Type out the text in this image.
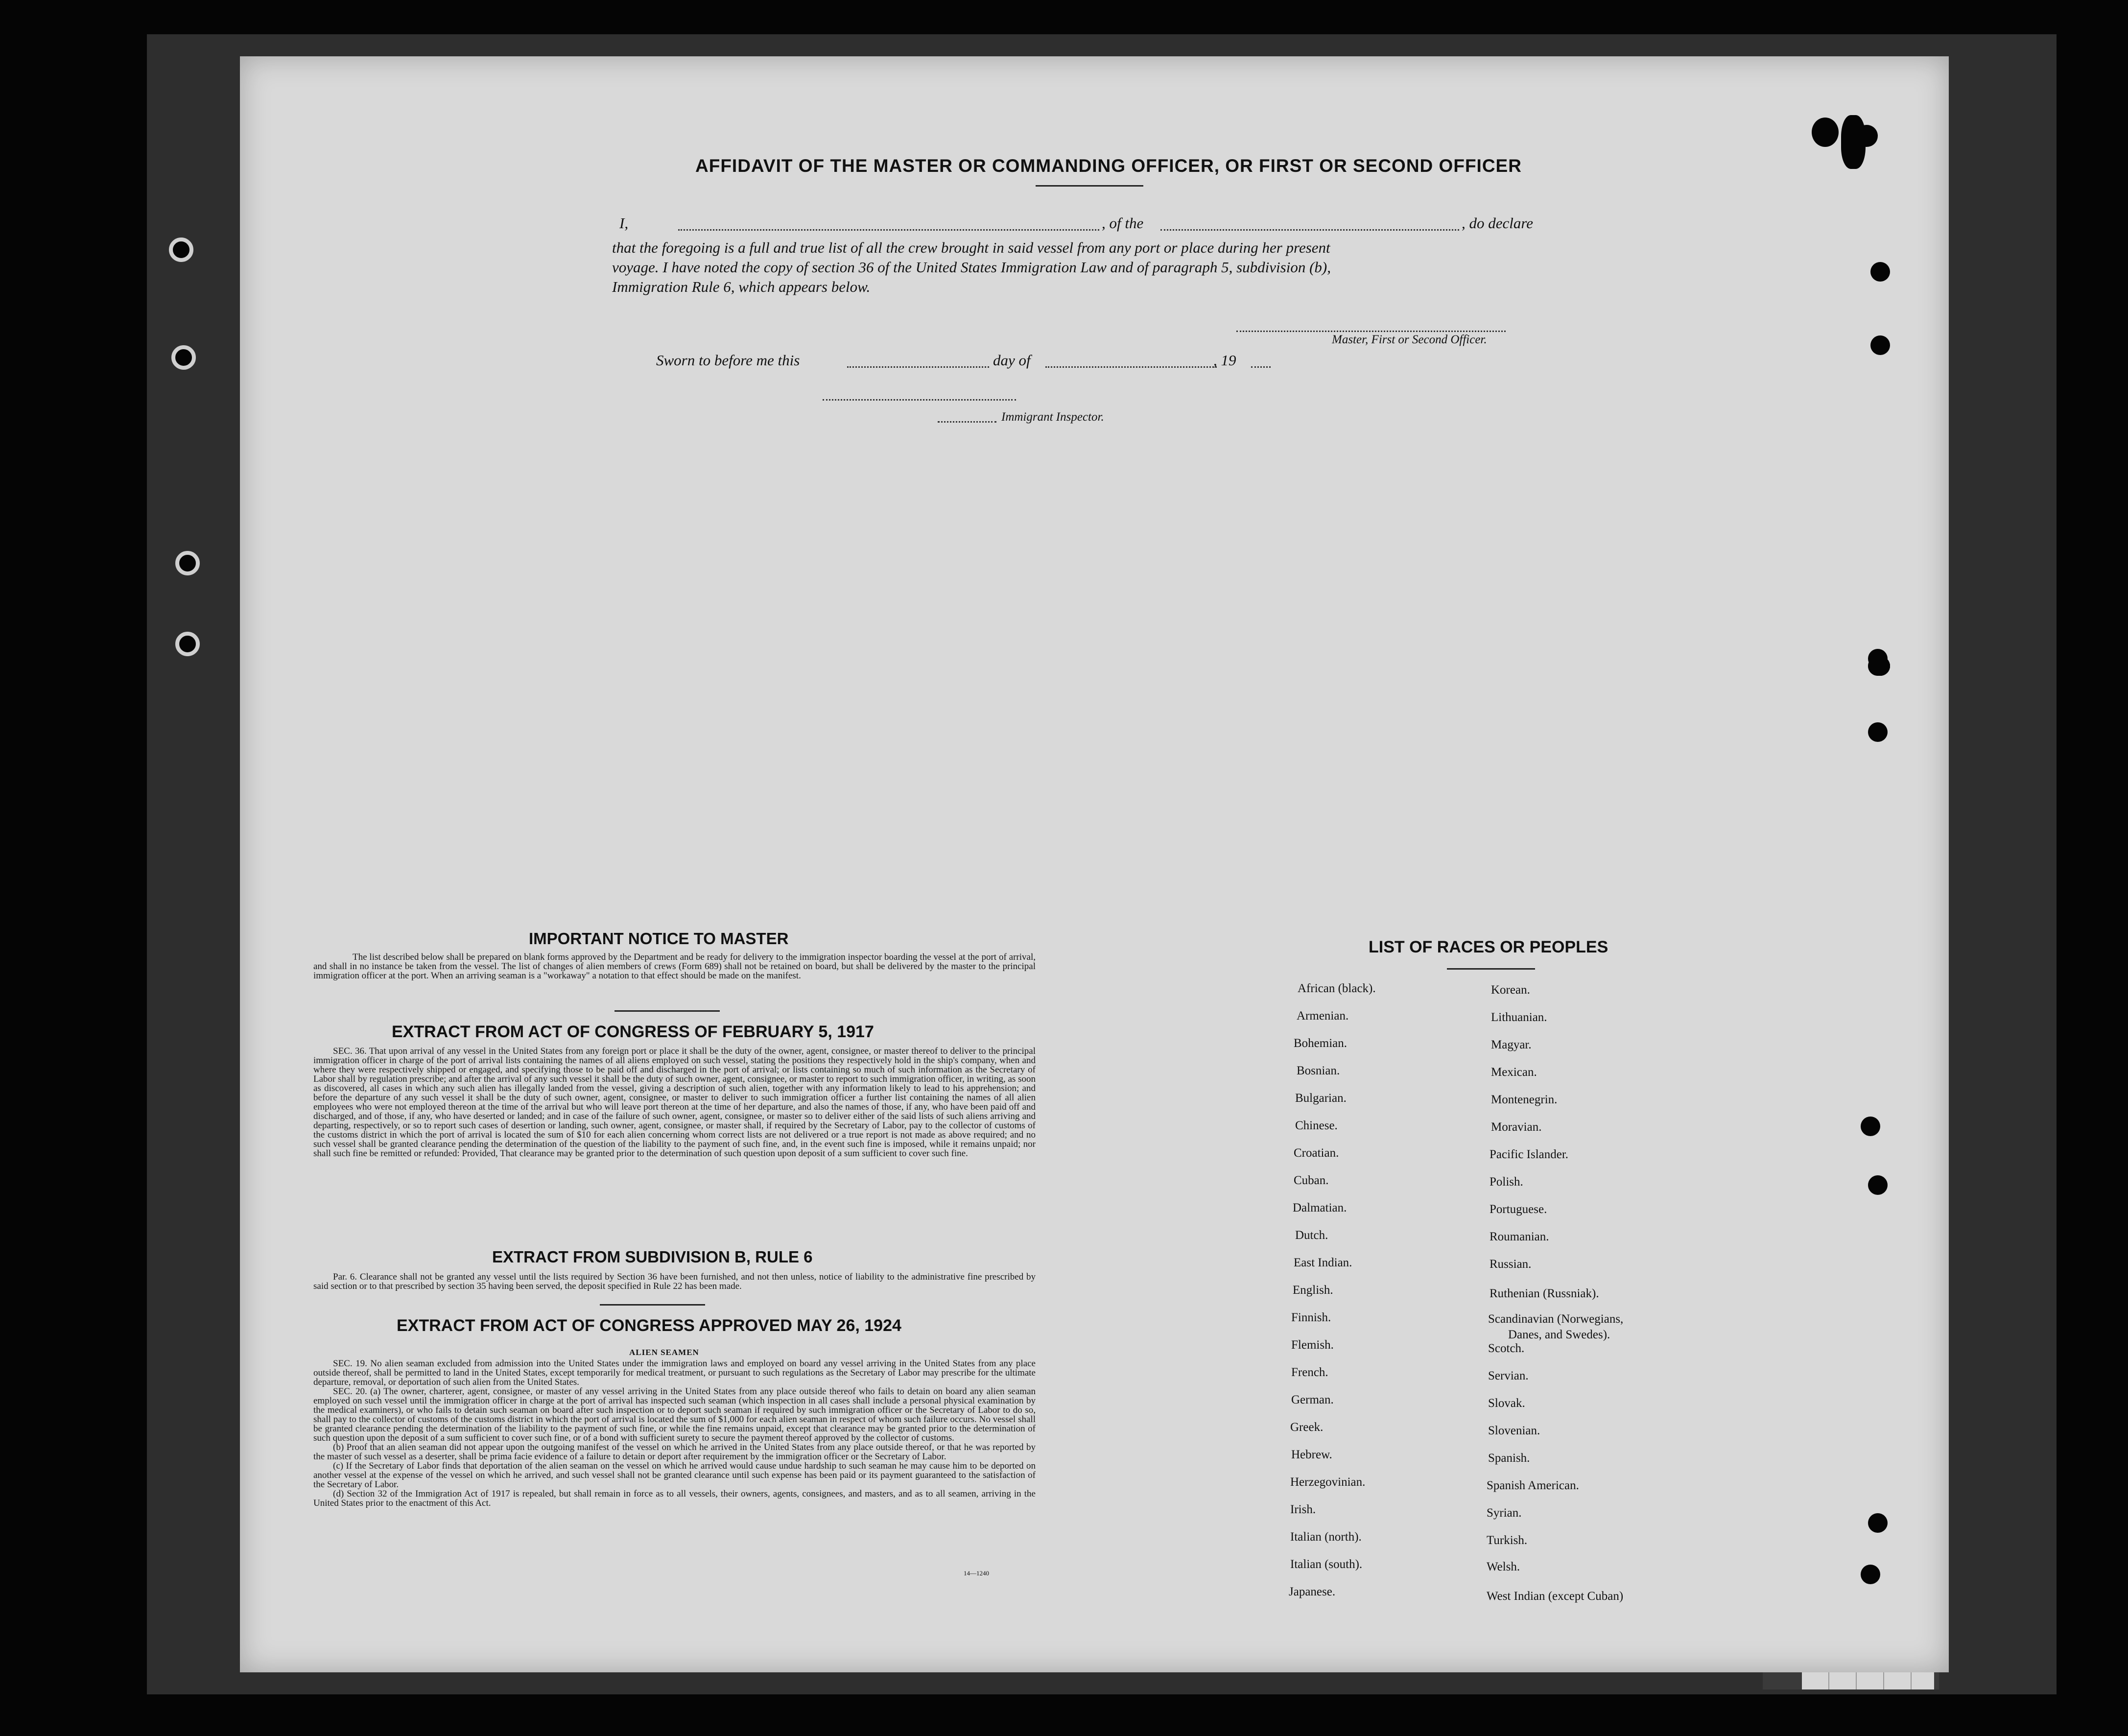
AFFIDAVIT OF THE MASTER OR COMMANDING OFFICER, OR FIRST OR SECOND OFFICER
I,	, of the	, do declare
that the foregoing is a full and true list of all the crew brought in said vessel from any port or place during her present
voyage. I have noted the copy of section 36 of the United States Immigration Law and of paragraph 5, subdivision (b),
Immigration Rule 6, which appears below.
Master, First or Second Officer.
Sworn to before me this	day of	, 19
Immigrant Inspector.
IMPORTANT NOTICE TO MASTER
The list described below shall be prepared on blank forms approved by the Department and be ready for delivery to the immigration inspector boarding the vessel at the port of arrival, and shall in no instance be taken from the vessel. The list of changes of alien members of crews (Form 689) shall not be retained on board, but shall be delivered by the master to the principal immigration officer at the port. When an arriving seaman is a "workaway" a notation to that effect should be made on the manifest.
EXTRACT FROM ACT OF CONGRESS OF FEBRUARY 5, 1917
SEC. 36. That upon arrival of any vessel in the United States from any foreign port or place it shall be the duty of the owner, agent, consignee, or master thereof to deliver to the principal immigration officer in charge of the port of arrival lists containing the names of all aliens employed on such vessel, stating the positions they respectively hold in the ship's company, when and where they were respectively shipped or engaged, and specifying those to be paid off and discharged in the port of arrival; or lists containing so much of such information as the Secretary of Labor shall by regulation prescribe; and after the arrival of any such vessel it shall be the duty of such owner, agent, consignee, or master to report to such immigration officer, in writing, as soon as discovered, all cases in which any such alien has illegally landed from the vessel, giving a description of such alien, together with any information likely to lead to his apprehension; and before the departure of any such vessel it shall be the duty of such owner, agent, consignee, or master to deliver to such immigration officer a further list containing the names of all alien employees who were not employed thereon at the time of the arrival but who will leave port thereon at the time of her departure, and also the names of those, if any, who have been paid off and discharged, and of those, if any, who have deserted or landed; and in case of the failure of such owner, agent, consignee, or master so to deliver either of the said lists of such aliens arriving and departing, respectively, or so to report such cases of desertion or landing, such owner, agent, consignee, or master shall, if required by the Secretary of Labor, pay to the collector of customs of the customs district in which the port of arrival is located the sum of $10 for each alien concerning whom correct lists are not delivered or a true report is not made as above required; and no such vessel shall be granted clearance pending the determination of the question of the liability to the payment of such fine, and, in the event such fine is imposed, while it remains unpaid; nor shall such fine be remitted or refunded: Provided, That clearance may be granted prior to the determination of such question upon deposit of a sum sufficient to cover such fine.
EXTRACT FROM SUBDIVISION B, RULE 6
Par. 6. Clearance shall not be granted any vessel until the lists required by Section 36 have been furnished, and not then unless, notice of liability to the administrative fine prescribed by said section or to that prescribed by section 35 having been served, the deposit specified in Rule 22 has been made.
EXTRACT FROM ACT OF CONGRESS APPROVED MAY 26, 1924
ALIEN SEAMEN

SEC. 19. No alien seaman excluded from admission into the United States under the immigration laws and employed on board any vessel arriving in the United States from any place outside thereof, shall be permitted to land in the United States, except temporarily for medical treatment, or pursuant to such regulations as the Secretary of Labor may prescribe for the ultimate departure, removal, or deportation of such alien from the United States.

SEC. 20. (a) The owner, charterer, agent, consignee, or master of any vessel arriving in the United States from any place outside thereof who fails to detain on board any alien seaman employed on such vessel until the immigration officer in charge at the port of arrival has inspected such seaman (which inspection in all cases shall include a personal physical examination by the medical examiners), or who fails to detain such seaman on board after such inspection or to deport such seaman if required by such immigration officer or the Secretary of Labor to do so, shall pay to the collector of customs of the customs district in which the port of arrival is located the sum of $1,000 for each alien seaman in respect of whom such failure occurs. No vessel shall be granted clearance pending the determination of the liability to the payment of such fine, or while the fine remains unpaid, except that clearance may be granted prior to the determination of such question upon the deposit of a sum sufficient to cover such fine, or of a bond with sufficient surety to secure the payment thereof approved by the collector of customs.

(b) Proof that an alien seaman did not appear upon the outgoing manifest of the vessel on which he arrived in the United States from any place outside thereof, or that he was reported by the master of such vessel as a deserter, shall be prima facie evidence of a failure to detain or deport after requirement by the immigration officer or the Secretary of Labor.

(c) If the Secretary of Labor finds that deportation of the alien seaman on the vessel on which he arrived would cause undue hardship to such seaman he may cause him to be deported on another vessel at the expense of the vessel on which he arrived, and such vessel shall not be granted clearance until such expense has been paid or its payment guaranteed to the satisfaction of the Secretary of Labor.

(d) Section 32 of the Immigration Act of 1917 is repealed, but shall remain in force as to all vessels, their owners, agents, consignees, and masters, and as to all seamen, arriving in the United States prior to the enactment of this Act.

14—1240
LIST OF RACES OR PEOPLES
African (black).
Armenian.
Bohemian.
Bosnian.
Bulgarian.
Chinese.
Croatian.
Cuban.
Dalmatian.
Dutch.
East Indian.
English.
Finnish.
Flemish.
French.
German.
Greek.
Hebrew.
Herzegovinian.
Irish.
Italian (north).
Italian (south).
Japanese.
Korean.
Lithuanian.
Magyar.
Mexican.
Montenegrin.
Moravian.
Pacific Islander.
Polish.
Portuguese.
Roumanian.
Russian.
Ruthenian (Russniak).
Scandinavian (Norwegians,
Scotch.
Servian.
Slovak.
Slovenian.
Spanish.
Spanish American.
Syrian.
Turkish.
Welsh.
West Indian (except Cuban)
Danes, and Swedes).
